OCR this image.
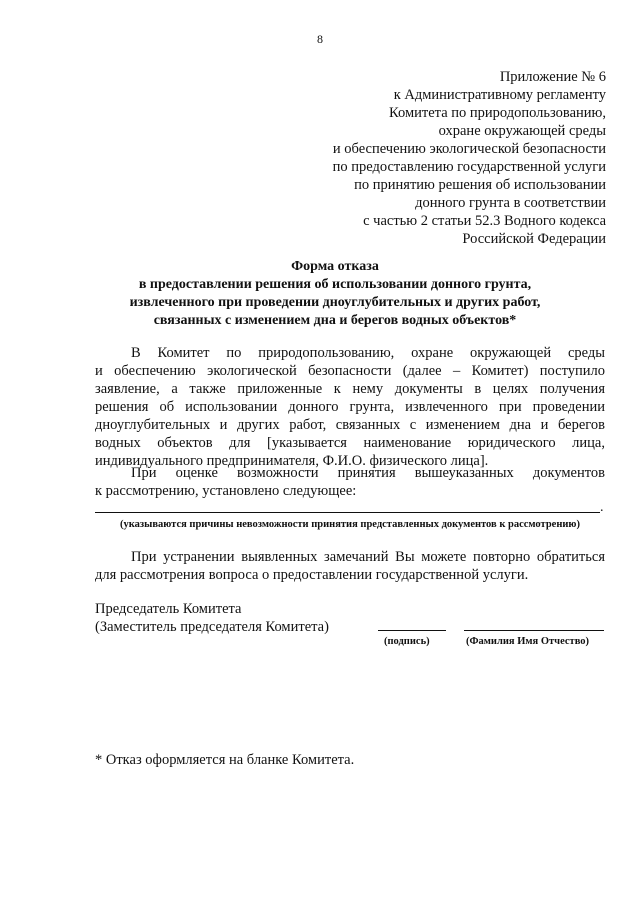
8
Приложение № 6
к Административному регламенту
Комитета по природопользованию,
охране окружающей среды
и обеспечению экологической безопасности
по предоставлению государственной услуги
по принятию решения об использовании
донного грунта в соответствии
с частью 2 статьи 52.3 Водного кодекса
Российской Федерации
Форма отказа
в предоставлении решения об использовании донного грунта,
извлеченного при проведении дноуглубительных и других работ,
связанных с изменением дна и берегов водных объектов*
В Комитет по природопользованию, охране окружающей среды
и обеспечению экологической безопасности (далее – Комитет) поступило
заявление, а также приложенные к нему документы в целях получения
решения об использовании донного грунта, извлеченного при проведении
дноуглубительных и других работ, связанных с изменением дна и берегов
водных объектов для [указывается наименование юридического лица,
индивидуального предпринимателя, Ф.И.О. физического лица].
При оценке возможности принятия вышеуказанных документов
к рассмотрению, установлено следующее:
.
(указываются причины невозможности принятия представленных документов к рассмотрению)
При устранении выявленных замечаний Вы можете повторно обратиться
для рассмотрения вопроса о предоставлении государственной услуги.
Председатель Комитета
(Заместитель председателя Комитета)
(подпись)	(Фамилия Имя Отчество)
* Отказ оформляется на бланке Комитета.
